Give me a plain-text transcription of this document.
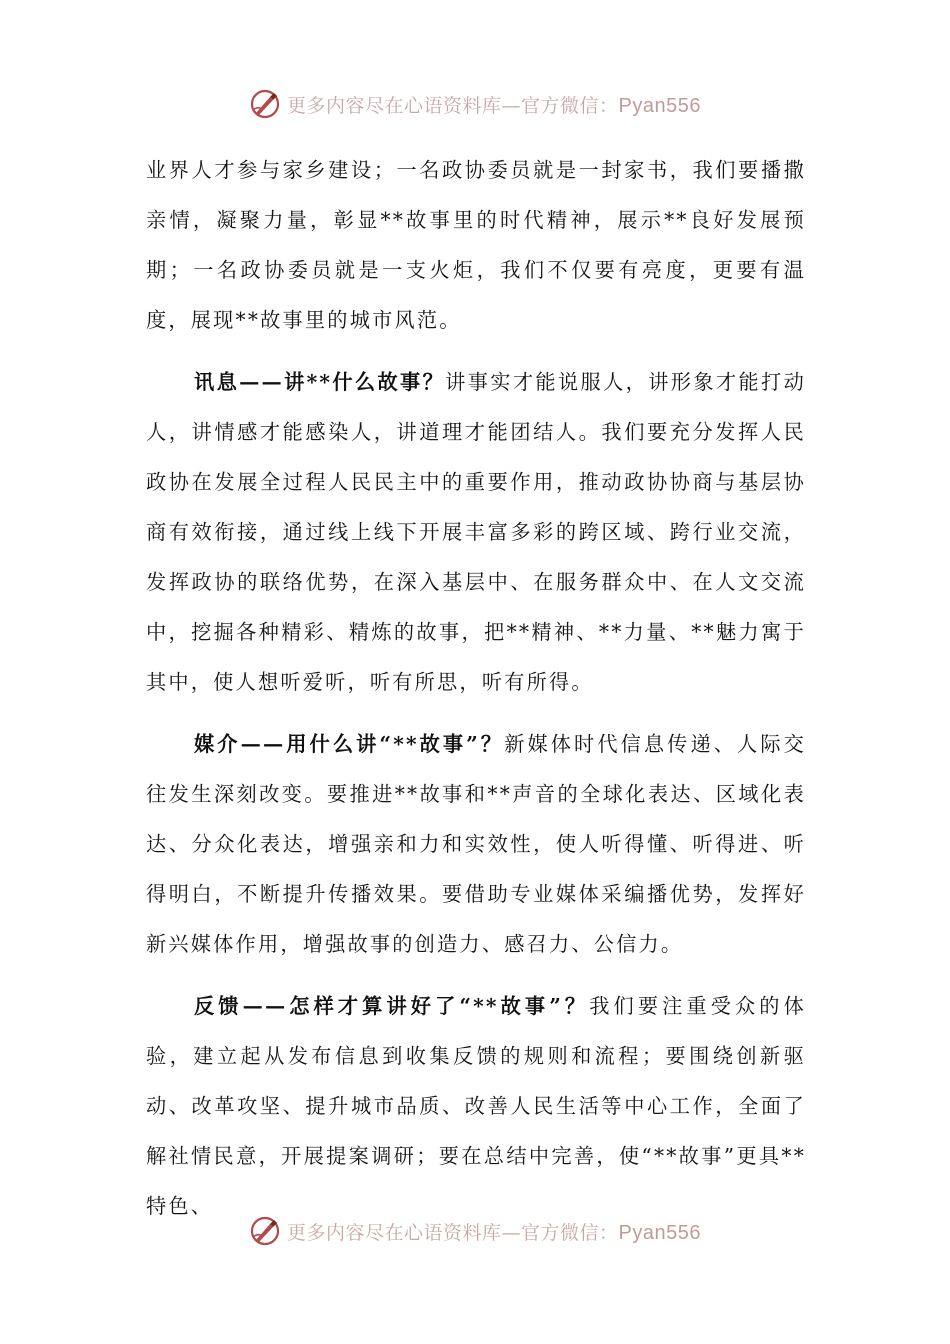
更多内容尽在心语资料库—官方微信：Pyan556

业界人才参与家乡建设；一名政协委员就是一封家书，我们要播撒亲情，凝聚力量，彰显**故事里的时代精神，展示**良好发展预期；一名政协委员就是一支火炬，我们不仅要有亮度，更要有温度，展现**故事里的城市风范。

讯息——讲**什么故事？讲事实才能说服人，讲形象才能打动人，讲情感才能感染人，讲道理才能团结人。我们要充分发挥人民政协在发展全过程人民民主中的重要作用，推动政协协商与基层协商有效衔接，通过线上线下开展丰富多彩的跨区域、跨行业交流，发挥政协的联络优势，在深入基层中、在服务群众中、在人文交流中，挖掘各种精彩、精炼的故事，把**精神、**力量、**魅力寓于其中，使人想听爱听，听有所思，听有所得。

媒介——用什么讲“**故事”？新媒体时代信息传递、人际交往发生深刻改变。要推进**故事和**声音的全球化表达、区域化表达、分众化表达，增强亲和力和实效性，使人听得懂、听得进、听得明白，不断提升传播效果。要借助专业媒体采编播优势，发挥好新兴媒体作用，增强故事的创造力、感召力、公信力。

反馈——怎样才算讲好了“**故事”？我们要注重受众的体验，建立起从发布信息到收集反馈的规则和流程；要围绕创新驱动、改革攻坚、提升城市品质、改善人民生活等中心工作，全面了解社情民意，开展提案调研；要在总结中完善，使“**故事”更具**特色、

更多内容尽在心语资料库—官方微信：Pyan556
